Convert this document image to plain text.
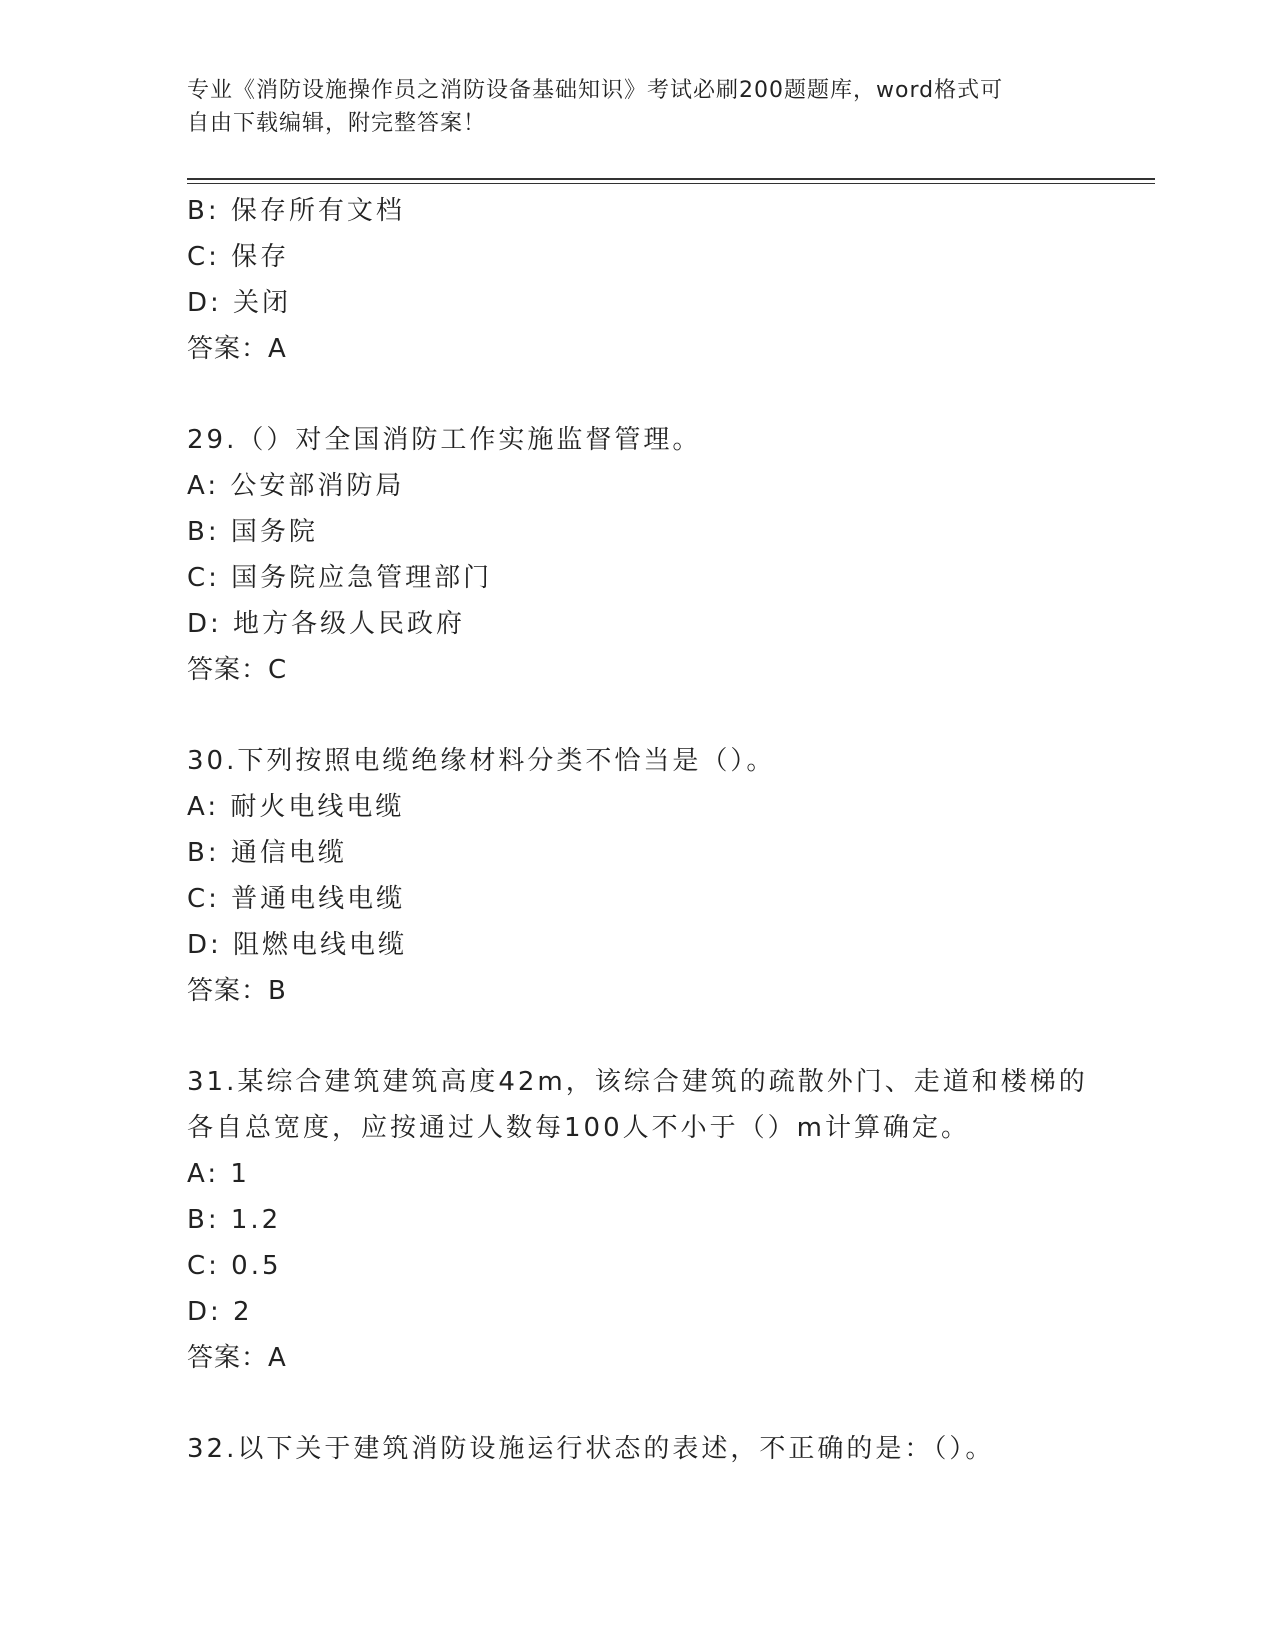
专业《消防设施操作员之消防设备基础知识》考试必刷200题题库，word格式可
自由下载编辑，附完整答案！
B: 保存所有文档
C: 保存
D: 关闭
答案：A
29.（）对全国消防工作实施监督管理。
A: 公安部消防局
B: 国务院
C: 国务院应急管理部门
D: 地方各级人民政府
答案：C
30.下列按照电缆绝缘材料分类不恰当是（）。
A: 耐火电线电缆
B: 通信电缆
C: 普通电线电缆
D: 阻燃电线电缆
答案：B
31.某综合建筑建筑高度42m，该综合建筑的疏散外门、走道和楼梯的
各自总宽度，应按通过人数每100人不小于（）m计算确定。
A: 1
B: 1.2
C: 0.5
D: 2
答案：A
32.以下关于建筑消防设施运行状态的表述，不正确的是：（）。
